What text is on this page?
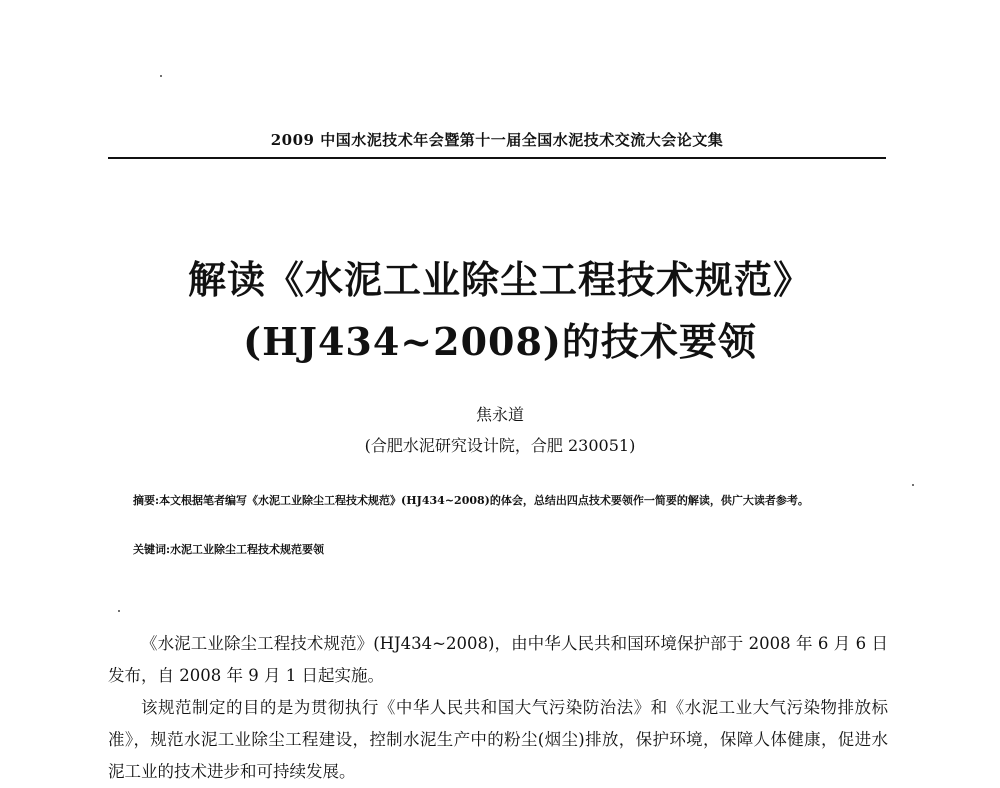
2009 中国水泥技术年会暨第十一届全国水泥技术交流大会论文集
解读《水泥工业除尘工程技术规范》
(HJ434~2008)的技术要领
焦永道
(合肥水泥研究设计院，合肥 230051)
摘要:本文根据笔者编写《水泥工业除尘工程技术规范》(HJ434~2008)的体会，总结出四点技术要领作一简要的解读，供广大读者参考。
关键词:水泥工业除尘工程技术规范要领

《水泥工业除尘工程技术规范》(HJ434~2008)，由中华人民共和国环境保护部于 2008 年 6 月 6 日发布，自 2008 年 9 月 1 日起实施。

该规范制定的目的是为贯彻执行《中华人民共和国大气污染防治法》和《水泥工业大气污染物排放标准》，规范水泥工业除尘工程建设，控制水泥生产中的粉尘(烟尘)排放，保护环境，保障人体健康，促进水泥工业的技术进步和可持续发展。
